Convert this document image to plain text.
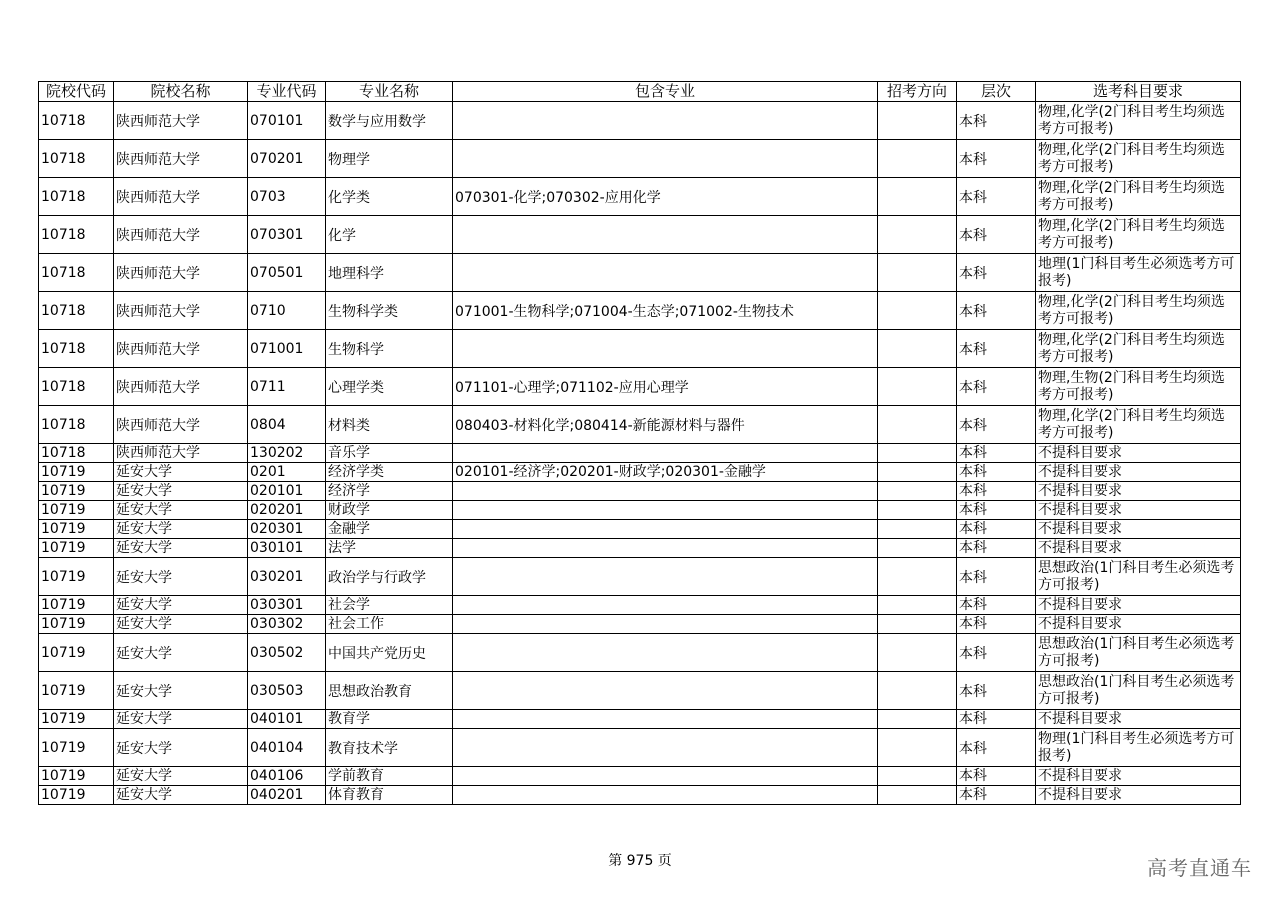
院校代码	院校名称	专业代码	专业名称	包含专业	招考方向	层次	选考科目要求
10718	陕西师范大学	070101	数学与应用数学			本科	物理,化学(2门科目考生均须选考方可报考)
10718	陕西师范大学	070201	物理学			本科	物理,化学(2门科目考生均须选考方可报考)
10718	陕西师范大学	0703	化学类	070301-化学;070302-应用化学		本科	物理,化学(2门科目考生均须选考方可报考)
10718	陕西师范大学	070301	化学			本科	物理,化学(2门科目考生均须选考方可报考)
10718	陕西师范大学	070501	地理科学			本科	地理(1门科目考生必须选考方可报考)
10718	陕西师范大学	0710	生物科学类	071001-生物科学;071004-生态学;071002-生物技术		本科	物理,化学(2门科目考生均须选考方可报考)
10718	陕西师范大学	071001	生物科学			本科	物理,化学(2门科目考生均须选考方可报考)
10718	陕西师范大学	0711	心理学类	071101-心理学;071102-应用心理学		本科	物理,生物(2门科目考生均须选考方可报考)
10718	陕西师范大学	0804	材料类	080403-材料化学;080414-新能源材料与器件		本科	物理,化学(2门科目考生均须选考方可报考)
10718	陕西师范大学	130202	音乐学			本科	不提科目要求
10719	延安大学	0201	经济学类	020101-经济学;020201-财政学;020301-金融学		本科	不提科目要求
10719	延安大学	020101	经济学			本科	不提科目要求
10719	延安大学	020201	财政学			本科	不提科目要求
10719	延安大学	020301	金融学			本科	不提科目要求
10719	延安大学	030101	法学			本科	不提科目要求
10719	延安大学	030201	政治学与行政学			本科	思想政治(1门科目考生必须选考方可报考)
10719	延安大学	030301	社会学			本科	不提科目要求
10719	延安大学	030302	社会工作			本科	不提科目要求
10719	延安大学	030502	中国共产党历史			本科	思想政治(1门科目考生必须选考方可报考)
10719	延安大学	030503	思想政治教育			本科	思想政治(1门科目考生必须选考方可报考)
10719	延安大学	040101	教育学			本科	不提科目要求
10719	延安大学	040104	教育技术学			本科	物理(1门科目考生必须选考方可报考)
10719	延安大学	040106	学前教育			本科	不提科目要求
10719	延安大学	040201	体育教育			本科	不提科目要求
第 975 页	高考直通车
